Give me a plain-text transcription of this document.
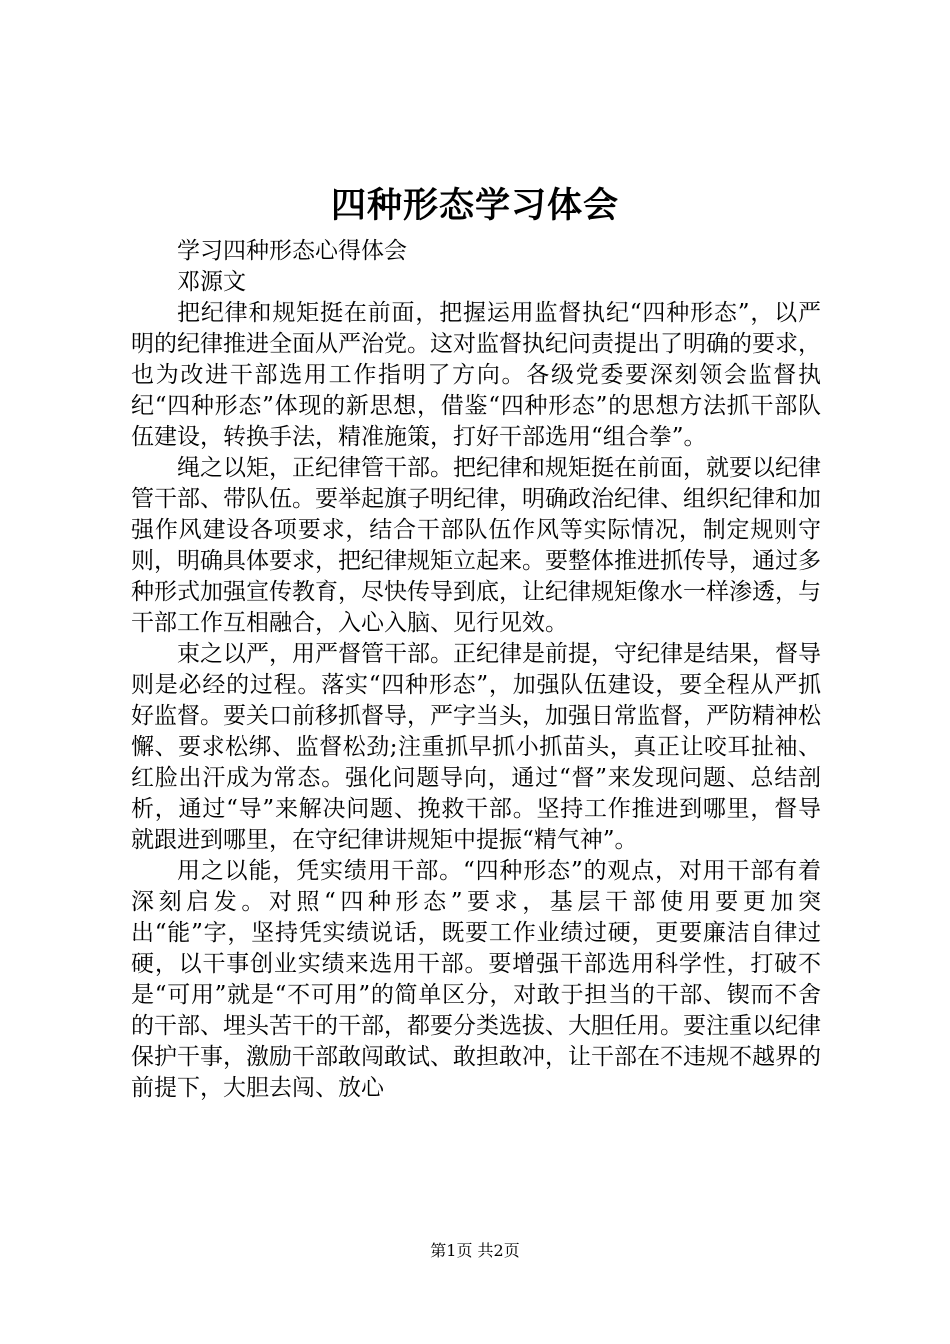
四种形态学习体会

学习四种形态心得体会

邓源文

把纪律和规矩挺在前面，把握运用监督执纪“四种形态”，以严明的纪律推进全面从严治党。这对监督执纪问责提出了明确的要求，也为改进干部选用工作指明了方向。各级党委要深刻领会监督执纪“四种形态”体现的新思想，借鉴“四种形态”的思想方法抓干部队伍建设，转换手法，精准施策，打好干部选用“组合拳”。

绳之以矩，正纪律管干部。把纪律和规矩挺在前面，就要以纪律管干部、带队伍。要举起旗子明纪律，明确政治纪律、组织纪律和加强作风建设各项要求，结合干部队伍作风等实际情况，制定规则守则，明确具体要求，把纪律规矩立起来。要整体推进抓传导，通过多种形式加强宣传教育，尽快传导到底，让纪律规矩像水一样渗透，与干部工作互相融合，入心入脑、见行见效。

束之以严，用严督管干部。正纪律是前提，守纪律是结果，督导则是必经的过程。落实“四种形态”，加强队伍建设，要全程从严抓好监督。要关口前移抓督导，严字当头，加强日常监督，严防精神松懈、要求松绑、监督松劲;注重抓早抓小抓苗头，真正让咬耳扯袖、红脸出汗成为常态。强化问题导向，通过“督”来发现问题、总结剖析，通过“导”来解决问题、挽救干部。坚持工作推进到哪里，督导就跟进到哪里，在守纪律讲规矩中提振“精气神”。

用之以能，凭实绩用干部。“四种形态”的观点，对用干部有着深刻启发。对照“四种形态”要求，基层干部使用要更加突出“能”字，坚持凭实绩说话，既要工作业绩过硬，更要廉洁自律过硬，以干事创业实绩来选用干部。要增强干部选用科学性，打破不是“可用”就是“不可用”的简单区分，对敢于担当的干部、锲而不舍的干部、埋头苦干的干部，都要分类选拔、大胆任用。要注重以纪律保护干事，激励干部敢闯敢试、敢担敢冲，让干部在不违规不越界的前提下，大胆去闯、放心

第1页 共2页
